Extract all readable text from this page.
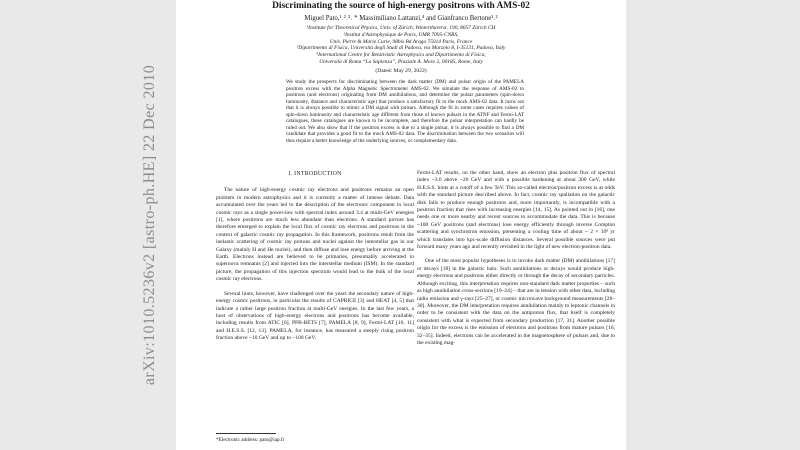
arXiv:1010.5236v2 [astro-ph.HE] 22 Dec 2010
Discriminating the source of high-energy positrons with AMS-02
Miguel Pato,¹˒²˒³˒ * Massimiliano Lattanzi,⁴ and Gianfranco Bertone¹˒²
¹Institute for Theoretical Physics, Univ. of Zürich, Winterthurerst. 190, 8057 Zürich CH
²Institut d'Astrophysique de Paris, UMR 7095-CNRS,
Univ. Pierre & Marie Curie, 98bis Bd Arago 75014 Paris, France
³Dipartimento di Fisica, Università degli Studi di Padova, via Marzolo 8, I-35131, Padova, Italy
⁴International Centre for Relativistic Astrophysics and Dipartimento di Fisica,
Università di Roma “La Sapienza”, Piazzale A. Moro 2, 00185, Rome, Italy
(Dated: May 29, 2022)
We study the prospects for discriminating between the dark matter (DM) and pulsar origin of the PAMELA positron excess with the Alpha Magnetic Spectrometer AMS-02. We simulate the response of AMS-02 to positrons (and electrons) originating from DM annihilations, and determine the pulsar parameters (spin-down luminosity, distance and characteristic age) that produce a satisfactory fit to the mock AMS-02 data. It turns out that it is always possible to mimic a DM signal with pulsars. Although the fit in some cases requires values of spin-down luminosity and characteristic age different from those of known pulsars in the ATNF and Fermi-LAT catalogues, these catalogues are known to be incomplete, and therefore the pulsar interpretation can hardly be ruled out. We also show that if the positron excess is due to a single pulsar, it is always possible to find a DM candidate that provides a good fit to the mock AMS-02 data. The discrimination between the two scenarios will thus require a better knowledge of the underlying sources, or complementary data.
I. INTRODUCTION

The nature of high-energy cosmic ray electrons and positrons remains an open problem in modern astrophysics and it is currently a matter of intense debate. Data accumulated over the years led to the description of the electronic component in local cosmic rays as a single power-law with spectral index around 3.4 at multi-GeV energies [1], where positrons are much less abundant than electrons. A standard picture has therefore emerged to explain the local flux of cosmic ray electrons and positrons in the context of galactic cosmic ray propagation. In this framework, positrons result from the inelastic scattering of cosmic ray protons and nuclei against the interstellar gas in our Galaxy (mainly H and He nuclei), and then diffuse and lose energy before arriving at the Earth. Electrons instead are believed to be primaries, presumably accelerated in supernova remnants [2] and injected into the interstellar medium (ISM). In the standard picture, the propagation of this injection spectrum would lead to the bulk of the local cosmic ray electrons.

Several hints, however, have challenged over the years the secondary nature of high-energy cosmic positrons, in particular the results of CAPRICE [3] and HEAT [4, 5] that indicate a rather large positron fraction at multi-GeV energies. In the last few years, a host of observations of high-energy electrons and positrons has become available, including results from ATIC [6], PPB-BETS [7], PAMELA [8, 9], Fermi-LAT [10, 11] and H.E.S.S. [12, 13]. PAMELA, for instance, has measured a steeply rising positron fraction above ~10 GeV and up to ~100 GeV.

Fermi-LAT results, on the other hand, show an electron plus positron flux of spectral index ~3.0 above ~20 GeV and with a possible hardening at about 300 GeV, while H.E.S.S. hints at a cutoff of a few TeV. This so-called electron/positron excess is at odds with the standard picture described above. In fact, cosmic ray spallation on the galactic disk fails to produce enough positrons and, more importantly, is incompatible with a positron fraction that rises with increasing energies [14, 15]. As pointed out in [16], one needs one or more nearby and recent sources to accommodate the data. This is because ~100 GeV positrons (and electrons) lose energy efficiently through inverse Compton scattering and synchrotron emission, presenting a cooling time of about ~ 2 × 10⁸ yr which translates into kpc-scale diffusion distances. Several possible sources were put forward many years ago and recently revisited in the light of new electron-positron data.

One of the most popular hypotheses is to invoke dark matter (DM) annihilations [17] or decays [18] in the galactic halo. Such annihilations or decays would produce high-energy electrons and positrons either directly or through the decay of secondary particles. Although exciting, this interpretation requires non-standard dark matter properties – such as high annihilation cross-sections [19–24] – that are in tension with other data, including radio emission and γ-rays [25–27], or cosmic microwave background measurements [28–30]. Moreover, the DM interpretation requires annihilation mainly to leptonic channels in order to be consistent with the data on the antiproton flux, that itself is completely consistent with what is expected from secondary production [17, 31]. Another possible origin for the excess is the emission of electrons and positrons from mature pulsars [16, 32–35]. Indeed, electrons can be accelerated in the magnetosphere of pulsars and, due to the existing mag-

*Electronic address: pato@iap.fr
